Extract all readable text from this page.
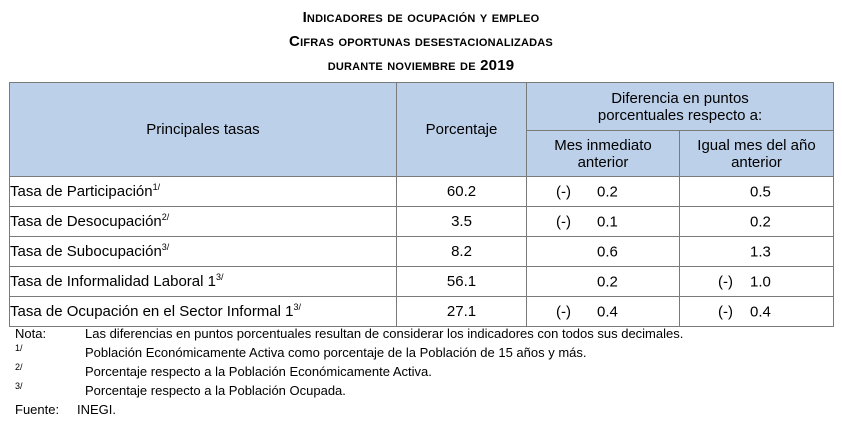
Indicadores de ocupación y empleo
Cifras oportunas desestacionalizadas
durante noviembre de 2019
Principales tasas	Porcentaje	Diferencia en puntos porcentuales respecto a:	
		Mes inmediato anterior	Igual mes del año anterior
Tasa de Participación$^{1/}$	60.2	(-) 0.2	0.5

Tasa de Desocupación$^{2/}$	3.5	(-) 0.1	0.2

Tasa de Subocupación$^{3/}$	8.2	0.6	1.3

Tasa de Informalidad Laboral $1^{3/}$	56.1	0.2	(-) 1.0

Tasa de Ocupación en el Sector Informal $1^{3/}$	27.1	(-) 0.4	(-) 0.4
Nota:	Las diferencias en puntos porcentuales resultan de considerar los indicadores con todos sus decimales.
$^{1/}$	Población Económicamente Activa como porcentaje de la Población de 15 años y más.
$^{2/}$	Porcentaje respecto a la Población Económicamente Activa.
$^{3/}$	Porcentaje respecto a la Población Ocupada.
Fuente: INEGI.
